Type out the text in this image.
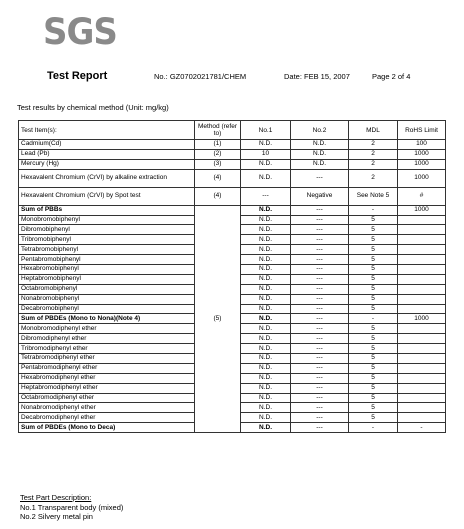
SGS
Test Report	No.: GZ0702021781/CHEM	Date: FEB 15, 2007	Page 2 of 4
Test results by chemical method (Unit: mg/kg)
Test Item(s):	Method (refer to)	No.1	No.2	MDL	RoHS Limit
Cadmium(Cd)	(1)	N.D.	N.D.	2	100
Lead (Pb)	(2)	10	N.D.	2	1000
Mercury (Hg)	(3)	N.D.	N.D.	2	1000
Hexavalent Chromium (CrVI) by alkaline extraction	(4)	N.D.	---	2	1000
Hexavalent Chromium (CrVI) by Spot test	(4)	---	Negative	See Note 5	#
Sum of PBBs	(5)	N.D.	---	-	1000
Monobromobiphenyl		N.D.	---	5	
Dibromobiphenyl		N.D.	---	5	
Tribromobiphenyl		N.D.	---	5	
Tetrabromobiphenyl		N.D.	---	5	
Pentabromobiphenyl		N.D.	---	5	
Hexabromobiphenyl		N.D.	---	5	
Heptabromobiphenyl		N.D.	---	5	
Octabromobiphenyl		N.D.	---	5	
Nonabromobiphenyl		N.D.	---	5	
Decabromobiphenyl		N.D.	---	5	
Sum of PBDEs (Mono to Nona)(Note 4)		N.D.	---	-	1000
Monobromodiphenyl ether		N.D.	---	5	
Dibromodiphenyl ether		N.D.	---	5	
Tribromodiphenyl ether		N.D.	---	5	
Tetrabromodiphenyl ether		N.D.	---	5	
Pentabromodiphenyl ether		N.D.	---	5	
Hexabromodiphenyl ether		N.D.	---	5	
Heptabromodiphenyl ether		N.D.	---	5	
Octabromodiphenyl ether		N.D.	---	5	
Nonabromodiphenyl ether		N.D.	---	5	
Decabromodiphenyl ether		N.D.	---	5	
Sum of PBDEs (Mono to Deca)		N.D.	---	-	-
Test Part Description:
No.1 Transparent body (mixed)
No.2 Silvery metal pin
